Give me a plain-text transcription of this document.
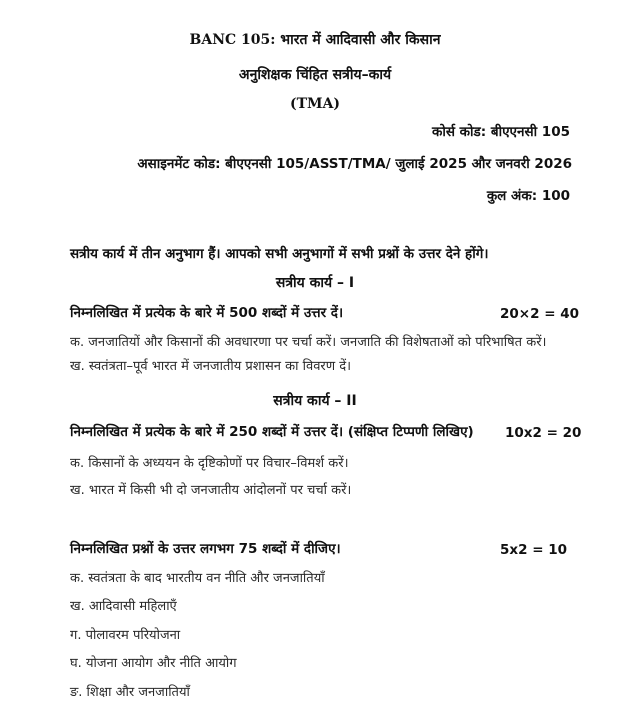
BANC 105: भारत में आदिवासी और किसान
अनुशिक्षक चिंहित सत्रीय–कार्य
(TMA)
कोर्स कोड: बीएएनसी 105
असाइनमेंट कोड: बीएएनसी 105/ASST/TMA/ जुलाई 2025 और जनवरी 2026
कुल अंक: 100
सत्रीय कार्य में तीन अनुभाग हैं। आपको सभी अनुभागों में सभी प्रश्नों के उत्तर देने होंगे।
सत्रीय कार्य – I
निम्नलिखित में प्रत्येक के बारे में 500 शब्दों में उत्तर दें।	20×2 = 40
क. जनजातियों और किसानों की अवधारणा पर चर्चा करें। जनजाति की विशेषताओं को परिभाषित करें।
ख. स्वतंत्रता–पूर्व भारत में जनजातीय प्रशासन का विवरण दें।
सत्रीय कार्य – II
निम्नलिखित में प्रत्येक के बारे में 250 शब्दों में उत्तर दें। (संक्षिप्त टिप्पणी लिखिए) 10x2 = 20
क. किसानों के अध्ययन के दृष्टिकोणों पर विचार–विमर्श करें।
ख. भारत में किसी भी दो जनजातीय आंदोलनों पर चर्चा करें।
निम्नलिखित प्रश्नों के उत्तर लगभग 75 शब्दों में दीजिए।	5x2 = 10
क. स्वतंत्रता के बाद भारतीय वन नीति और जनजातियाँ
ख. आदिवासी महिलाएँ
ग. पोलावरम परियोजना
घ. योजना आयोग और नीति आयोग
ङ. शिक्षा और जनजातियाँ
